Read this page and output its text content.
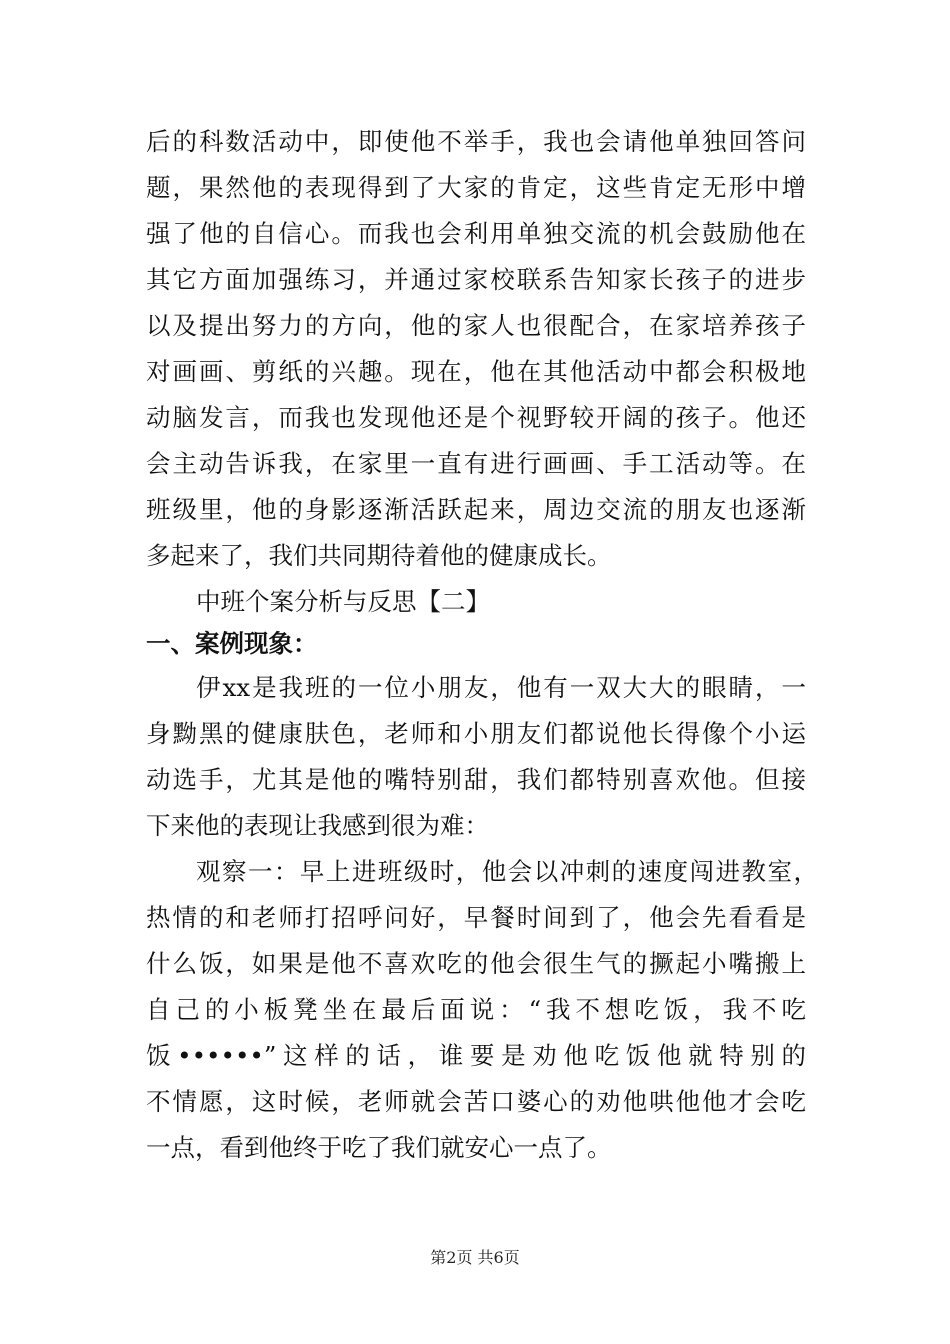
后的科数活动中，即使他不举手，我也会请他单独回答问
题，果然他的表现得到了大家的肯定，这些肯定无形中增
强了他的自信心。而我也会利用单独交流的机会鼓励他在
其它方面加强练习，并通过家校联系告知家长孩子的进步
以及提出努力的方向，他的家人也很配合，在家培养孩子
对画画、剪纸的兴趣。现在，他在其他活动中都会积极地
动脑发言，而我也发现他还是个视野较开阔的孩子。他还
会主动告诉我，在家里一直有进行画画、手工活动等。在
班级里，他的身影逐渐活跃起来，周边交流的朋友也逐渐
多起来了，我们共同期待着他的健康成长。
中班个案分析与反思【二】
一、案例现象：
伊xx是我班的一位小朋友，他有一双大大的眼睛，一
身黝黑的健康肤色，老师和小朋友们都说他长得像个小运
动选手，尤其是他的嘴特别甜，我们都特别喜欢他。但接
下来他的表现让我感到很为难：
观察一：早上进班级时，他会以冲刺的速度闯进教室，
热情的和老师打招呼问好，早餐时间到了，他会先看看是
什么饭，如果是他不喜欢吃的他会很生气的撅起小嘴搬上
自己的小板凳坐在最后面说：“我不想吃饭，我不吃
饭••••••”这样的话，谁要是劝他吃饭他就特别的
不情愿，这时候，老师就会苦口婆心的劝他哄他他才会吃
一点，看到他终于吃了我们就安心一点了。
第2页 共6页
